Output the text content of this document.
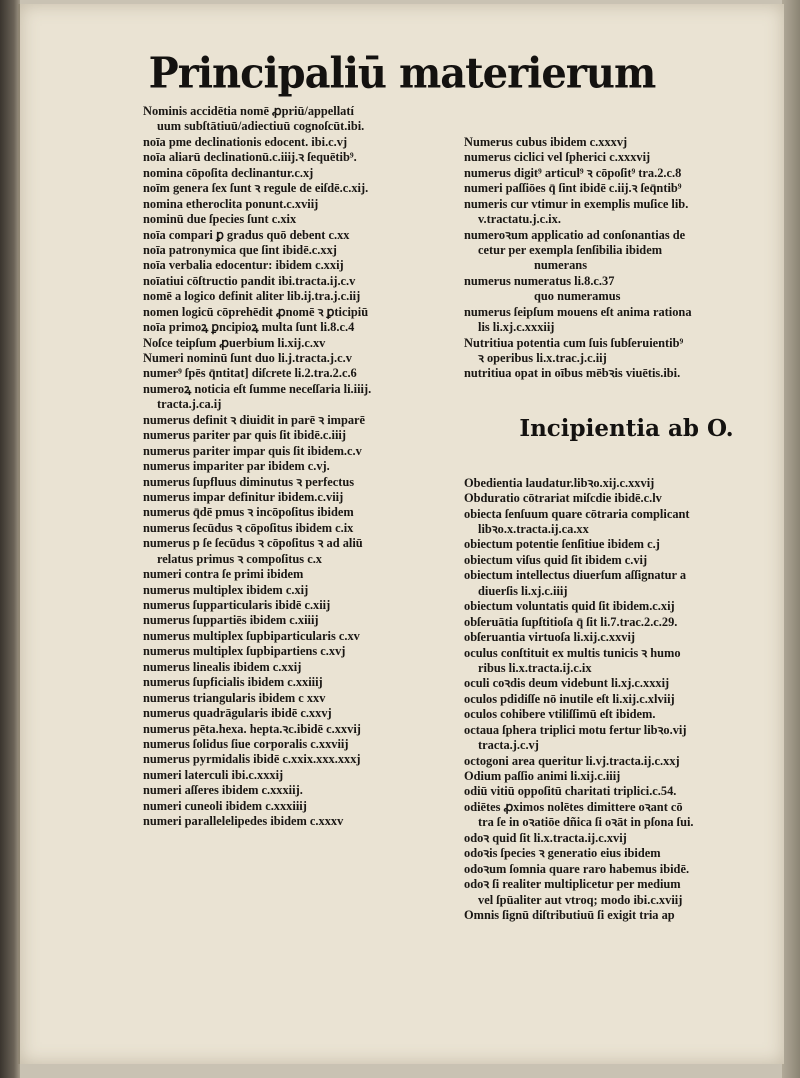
Principaliū materierum
Nominis accidētia nomē ꝓpriū/appellatí
uum subſtātiuū/adiectiuū cognoſcūt.ibi.
noīa pme declinationis edocent. ibi.c.vj
noīa aliarū declinationū.c.iiij.ꝛ ſequētib⁹.
nomina cōpoſita declinantur.c.xj
noīm genera ſex ſunt ꝛ regule de eiſdē.c.xij.
nomina etheroclita ponunt.c.xviij
nominū due ſpecies ſunt c.xix
noīa compari ꝑ gradus quō debent c.xx
noīa patronymica que ſint ibidē.c.xxj
noīa verbalia edocentur: ibidem c.xxij
noīatiui cōſtructio pandit ibi.tracta.ij.c.v
nomē a logico definit aliter lib.ij.tra.j.c.iij
nomen logicū cōprehēdit ꝓnomē ꝛ ꝑticipiū
noīa primoꝝ ꝑncipioꝝ multa ſunt li.8.c.4
Noſce teipſum ꝓuerbium li.xij.c.xv
Numeri nominū ſunt duo li.j.tracta.j.c.v
numer⁹ ſpēs q̄ntitat] diſcrete li.2.tra.2.c.6
numeroꝝ noticia eſt ſumme neceſſaria li.iiij.
tracta.j.ca.ij
numerus definit ꝛ diuidit in parē ꝛ imparē
numerus pariter par quis ſit ibidē.c.iiij
numerus pariter impar quis ſit ibidem.c.v
numerus impariter par ibidem c.vj.
numerus ſupfluus diminutus ꝛ perfectus
numerus impar definitur ibidem.c.viij
numerus q̄dē pmus ꝛ incōpoſitus ibidem
numerus ſecūdus ꝛ cōpoſitus ibidem c.ix
numerus p ſe ſecūdus ꝛ cōpoſitus ꝛ ad aliū
relatus primus ꝛ compoſitus c.x
numeri contra ſe primi ibidem
numerus multiplex ibidem c.xij
numerus ſupparticularis ibidē c.xiij
numerus ſuppartiēs ibidem c.xiiij
numerus multiplex ſupbiparticularis c.xv
numerus multiplex ſupbipartiens c.xvj
numerus linealis ibidem c.xxij
numerus ſupficialis ibidem c.xxiiij
numerus triangularis ibidem c xxv
numerus quadrāgularis ibidē c.xxvj
numerus pēta.hexa. hepta.ꝛc.ibidē c.xxvij
numerus ſolidus ſiue corporalis c.xxviij
numerus pyrmidalis ibidē c.xxix.xxx.xxxj
numeri laterculi ibi.c.xxxij
numeri aſſeres ibidem c.xxxiij.
numeri cuneoli ibidem c.xxxiiij
numeri parallelelipedes ibidem c.xxxv

Numerus cubus ibidem c.xxxvj
numerus ciclici vel ſpherici c.xxxvij
numerus digit⁹ articul⁹ ꝛ cōpoſit⁹ tra.2.c.8
numeri paſſiōes q̄ ſint ibidē c.iij.ꝛ ſeq̄ntib⁹
numeris cur vtimur in exemplis muſice lib.
v.tractatu.j.c.ix.
numeroꝛum applicatio ad conſonantias de
cetur per exempla ſenſibilia ibidem
numerans
numerus numeratus li.8.c.37
quo numeramus
numerus ſeipſum mouens eſt anima rationa
lis li.xj.c.xxxiij
Nutritiua potentia cum ſuis ſubſeruientib⁹
ꝛ operibus li.x.trac.j.c.iij
nutritiua opat in oībus mēbꝛis viuētis.ibi.

Incipientia ab O.

Obedientia laudatur.libꝛo.xij.c.xxvij
Obduratio cōtrariat miſcdie ibidē.c.lv
obiecta ſenſuum quare cōtraria complicant
libꝛo.x.tracta.ij.ca.xx
obiectum potentie ſenſitiue ibidem c.j
obiectum viſus quid ſit ibidem c.vij
obiectum intellectus diuerſum aſſignatur a
diuerſis li.xj.c.iiij
obiectum voluntatis quid ſit ibidem.c.xij
obſeruātia ſupſtitioſa q̄ ſit li.7.trac.2.c.29.
obſeruantia virtuoſa li.xij.c.xxvij
oculus conſtituit ex multis tunicis ꝛ humo
ribus li.x.tracta.ij.c.ix
oculi coꝛdis deum videbunt li.xj.c.xxxij
oculos pdidiſſe nō inutile eſt li.xij.c.xlviij
oculos cohibere vtiliſſimū eſt ibidem.
octaua ſphera triplici motu fertur libꝛo.vij
tracta.j.c.vj
octogoni area queritur li.vj.tracta.ij.c.xxj
Odium paſſio animi li.xij.c.iiij
odiū vitiū oppoſitū charitati triplici.c.54.
odiētes ꝓximos nolētes dimittere oꝛant cō
tra ſe in oꝛatiōe dñica ſi oꝛāt in pſona ſui.
odoꝛ quid ſit li.x.tracta.ij.c.xvij
odoꝛis ſpecies ꝛ generatio eius ibidem
odoꝛum ſomnia quare raro habemus ibidē.
odoꝛ ſi realiter multiplicetur per medium
vel ſpūaliter aut vtroq; modo ibi.c.xviij
Omnis ſignū diſtributiuū ſi exigit tria ap
